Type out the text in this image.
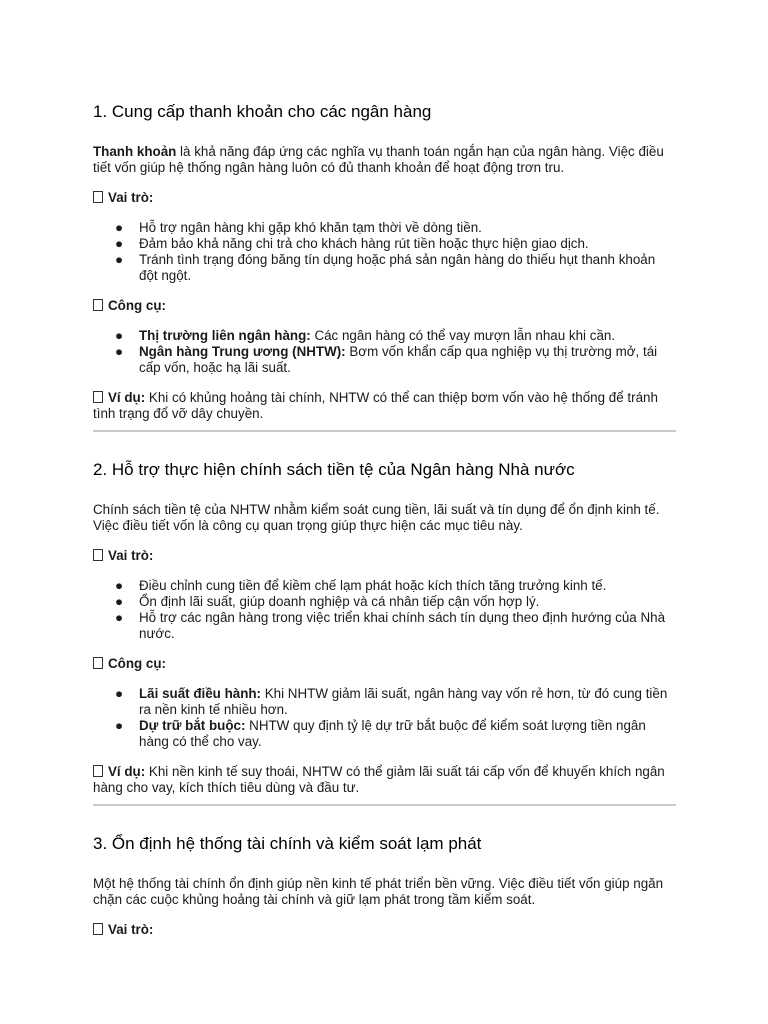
1. Cung cấp thanh khoản cho các ngân hàng

Thanh khoản là khả năng đáp ứng các nghĩa vụ thanh toán ngắn hạn của ngân hàng. Việc điều tiết vốn giúp hệ thống ngân hàng luôn có đủ thanh khoản để hoạt động trơn tru.

Vai trò:

● Hỗ trợ ngân hàng khi gặp khó khăn tạm thời về dòng tiền.
● Đảm bảo khả năng chi trả cho khách hàng rút tiền hoặc thực hiện giao dịch.
● Tránh tình trạng đóng băng tín dụng hoặc phá sản ngân hàng do thiếu hụt thanh khoản đột ngột.

Công cụ:

● Thị trường liên ngân hàng: Các ngân hàng có thể vay mượn lẫn nhau khi cần.
● Ngân hàng Trung ương (NHTW): Bơm vốn khẩn cấp qua nghiệp vụ thị trường mở, tái cấp vốn, hoặc hạ lãi suất.

Ví dụ: Khi có khủng hoảng tài chính, NHTW có thể can thiệp bơm vốn vào hệ thống để tránh tình trạng đổ vỡ dây chuyền.

2. Hỗ trợ thực hiện chính sách tiền tệ của Ngân hàng Nhà nước

Chính sách tiền tệ của NHTW nhằm kiểm soát cung tiền, lãi suất và tín dụng để ổn định kinh tế. Việc điều tiết vốn là công cụ quan trọng giúp thực hiện các mục tiêu này.

Vai trò:

● Điều chỉnh cung tiền để kiềm chế lạm phát hoặc kích thích tăng trưởng kinh tế.
● Ổn định lãi suất, giúp doanh nghiệp và cá nhân tiếp cận vốn hợp lý.
● Hỗ trợ các ngân hàng trong việc triển khai chính sách tín dụng theo định hướng của Nhà nước.

Công cụ:

● Lãi suất điều hành: Khi NHTW giảm lãi suất, ngân hàng vay vốn rẻ hơn, từ đó cung tiền ra nền kinh tế nhiều hơn.
● Dự trữ bắt buộc: NHTW quy định tỷ lệ dự trữ bắt buộc để kiểm soát lượng tiền ngân hàng có thể cho vay.

Ví dụ: Khi nền kinh tế suy thoái, NHTW có thể giảm lãi suất tái cấp vốn để khuyến khích ngân hàng cho vay, kích thích tiêu dùng và đầu tư.

3. Ổn định hệ thống tài chính và kiểm soát lạm phát

Một hệ thống tài chính ổn định giúp nền kinh tế phát triển bền vững. Việc điều tiết vốn giúp ngăn chặn các cuộc khủng hoảng tài chính và giữ lạm phát trong tầm kiểm soát.

Vai trò:
